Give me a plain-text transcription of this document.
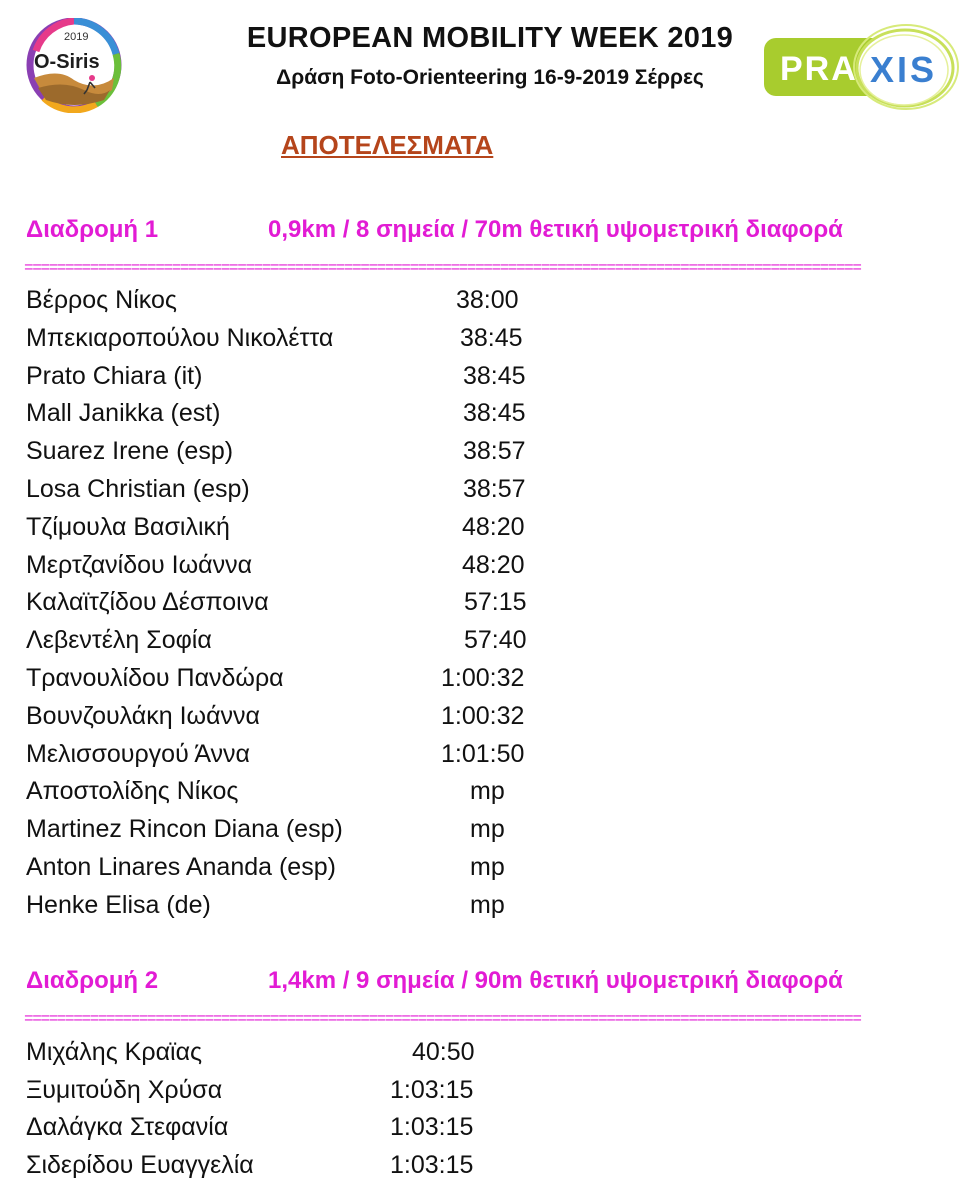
2019
O-Siris	PRA XIS
EUROPEAN MOBILITY WEEK 2019
Δράση Foto-Orienteering 16-9-2019 Σέρρες
ΑΠΟΤΕΛΕΣΜΑΤΑ
Διαδρομή 1	0,9km / 8 σημεία / 70m θετική υψομετρική διαφορά
======================================================================================================
Βέρρος Νίκος	38:00
Μπεκιαροπούλου Νικολέττα	38:45
Prato Chiara (it)	38:45
Mall Janikka (est)	38:45
Suarez Irene (esp)	38:57
Losa Christian (esp)	38:57
Τζίμουλα Βασιλική	48:20
Μερτζανίδου Ιωάννα	48:20
Καλαϊτζίδου Δέσποινα	57:15
Λεβεντέλη Σοφία	57:40
Τρανουλίδου Πανδώρα	1:00:32
Βουνζουλάκη Ιωάννα	1:00:32
Μελισσουργού Άννα	1:01:50
Αποστολίδης Νίκος	mp
Martinez Rincon Diana (esp)	mp
Anton Linares Ananda (esp)	mp
Henke Elisa (de)	mp
Διαδρομή 2	1,4km / 9 σημεία / 90m θετική υψομετρική διαφορά
======================================================================================================
Μιχάλης Κραϊας	40:50
Ξυμιτούδη Χρύσα	1:03:15
Δαλάγκα Στεφανία	1:03:15
Σιδερίδου Ευαγγελία	1:03:15
